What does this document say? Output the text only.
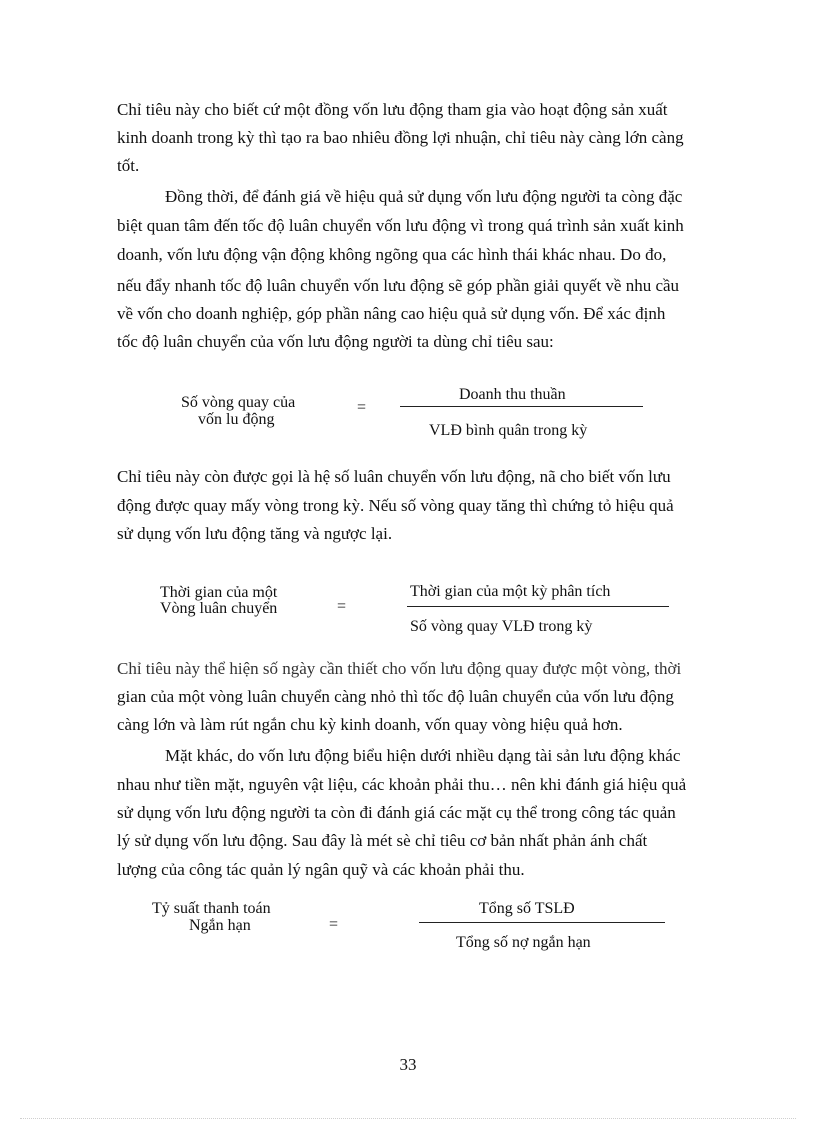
Chỉ tiêu này cho biết cứ một đồng vốn lưu động tham gia vào hoạt động sản xuất
kinh doanh trong kỳ thì tạo ra bao nhiêu đồng lợi nhuận, chỉ tiêu này càng lớn càng
tốt.
Đồng thời, để đánh giá về hiệu quả sử dụng vốn lưu động người ta còng đặc
biệt quan tâm đến tốc độ luân chuyển vốn lưu động vì trong quá trình sản xuất kinh
doanh, vốn lưu động vận động không ngõng qua các hình thái khác nhau. Do đo,
nếu đẩy nhanh tốc độ luân chuyển vốn lưu động sẽ góp phần giải quyết về nhu cầu
về vốn cho doanh nghiệp, góp phần nâng cao hiệu quả sử dụng vốn. Để xác định
tốc độ luân chuyển của vốn lưu động người ta dùng chỉ tiêu sau:
Số vòng quay của
vốn lu động
=
Doanh thu thuần
VLĐ bình quân trong kỳ
Chỉ tiêu này còn được gọi là hệ số luân chuyển vốn lưu động, nã cho biết vốn lưu
động được quay mấy vòng trong kỳ. Nếu số vòng quay tăng thì chứng tỏ hiệu quả
sử dụng vốn lưu động tăng và ngược lại.
Thời gian của một
Vòng luân chuyển	=
Thời gian của một kỳ phân tích
Số vòng quay VLĐ trong kỳ
Chỉ tiêu này thể hiện số ngày cần thiết cho vốn lưu động quay được một vòng, thời
gian của một vòng luân chuyển càng nhỏ thì tốc độ luân chuyển của vốn lưu động
càng lớn và làm rút ngắn chu kỳ kinh doanh, vốn quay vòng hiệu quả hơn.
Mặt khác, do vốn lưu động biểu hiện dưới nhiều dạng tài sản lưu động khác
nhau như tiền mặt, nguyên vật liệu, các khoản phải thu… nên khi đánh giá hiệu quả
sử dụng vốn lưu động người ta còn đi đánh giá các mặt cụ thể trong công tác quản
lý sử dụng vốn lưu động. Sau đây là mét sè chỉ tiêu cơ bản nhất phản ánh chất
lượng của công tác quản lý ngân quỹ và các khoản phải thu.
Tỷ suất thanh toán
Ngắn hạn	=
Tổng số TSLĐ
Tổng số nợ ngắn hạn
33
